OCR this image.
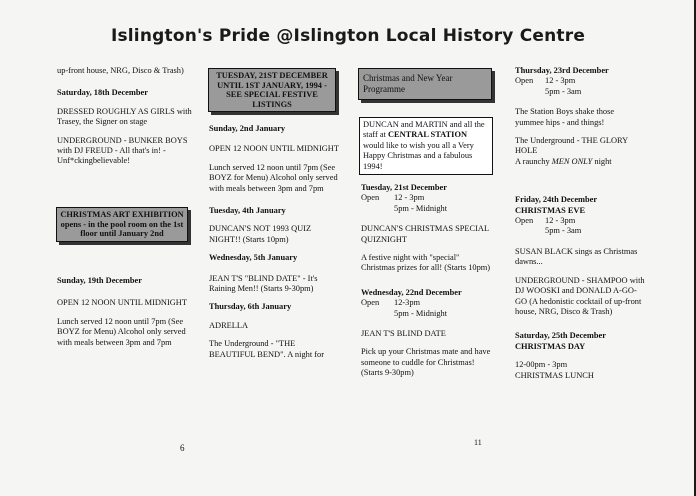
Islington's Pride @Islington Local History Centre

up-front house, NRG, Disco & Trash)

Saturday, 18th December

DRESSED ROUGHLY AS GIRLS with Trasey, the Signer on stage

UNDERGROUND - BUNKER BOYS with DJ FREUD - All that's in! - Unf*ckingbelievable!

CHRISTMAS ART EXHIBITION opens - in the pool room on the 1st floor until January 2nd

Sunday, 19th December

OPEN 12 NOON UNTIL MIDNIGHT

Lunch served 12 noon until 7pm (See BOYZ for Menu) Alcohol only served with meals between 3pm and 7pm

6
TUESDAY, 21ST DECEMBER UNTIL 1ST JANUARY, 1994 - SEE SPECIAL FESTIVE LISTINGS

Sunday, 2nd January

OPEN 12 NOON UNTIL MIDNIGHT

Lunch served 12 noon until 7pm (See BOYZ for Menu) Alcohol only served with meals between 3pm and 7pm

Tuesday, 4th January

DUNCAN'S NOT 1993 QUIZ NIGHT!! (Starts 10pm)

Wednesday, 5th January

JEAN T'S "BLIND DATE" - It's Raining Men!! (Starts 9-30pm)

Thursday, 6th January

ADRELLA

The Underground - "THE BEAUTIFUL BEND". A night for

Christmas and New Year Programme
DUNCAN and MARTIN and all the staff at CENTRAL STATION would like to wish you all a Very Happy Christmas and a fabulous 1994!

Tuesday, 21st December

Open	12 - 3pm
5pm - Midnight

DUNCAN'S CHRISTMAS SPECIAL QUIZNIGHT

A festive night with "special" Christmas prizes for all! (Starts 10pm)

Wednesday, 22nd December

Open	12-3pm
5pm - Midnight

JEAN T'S BLIND DATE

Pick up your Christmas mate and have someone to cuddle for Christmas! (Starts 9-30pm)

11

Thursday, 23rd December

Open	12 - 3pm
5pm - 3am

The Station Boys shake those yummee hips - and things!

The Underground - THE GLORY HOLE

A raunchy MEN ONLY night

Friday, 24th December

CHRISTMAS EVE

Open	12 - 3pm
5pm - 3am

SUSAN BLACK sings as Christmas dawns...

UNDERGROUND - SHAMPOO with DJ WOOSKI and DONALD A-GO-GO (A hedonistic cocktail of up-front house, NRG, Disco & Trash)

Saturday, 25th December

CHRISTMAS DAY

12-00pm - 3pm

CHRISTMAS LUNCH
